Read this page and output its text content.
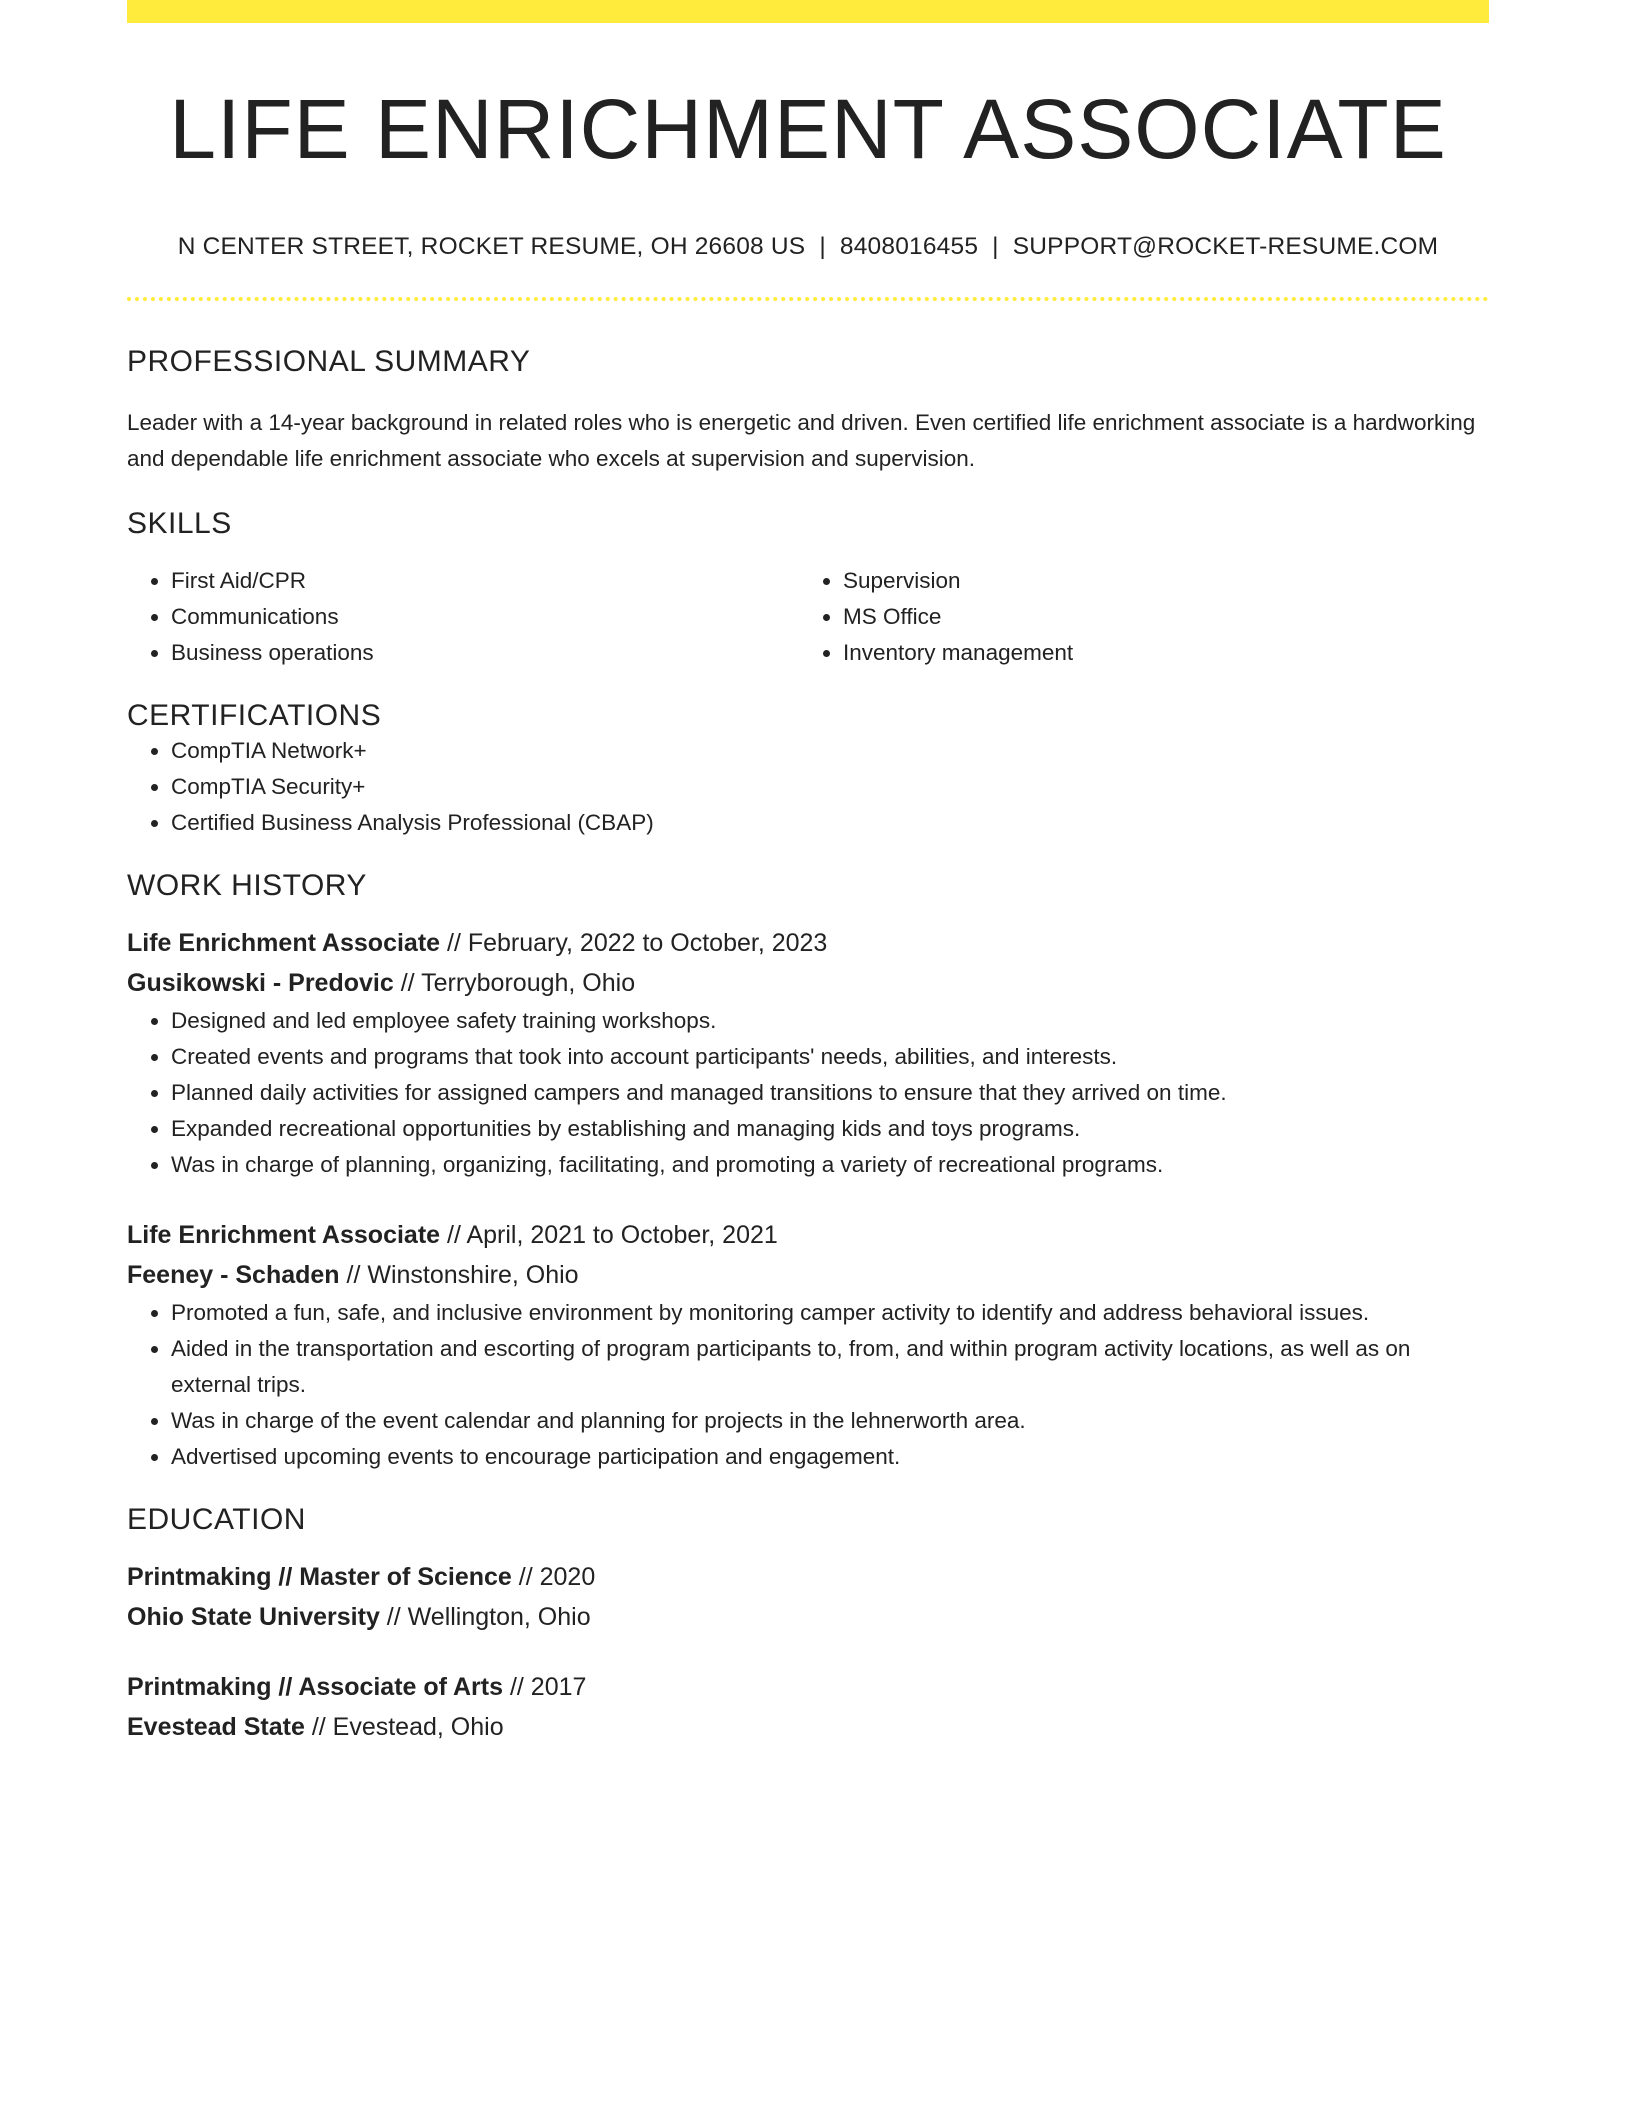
LIFE ENRICHMENT ASSOCIATE
N CENTER STREET, ROCKET RESUME, OH 26608 US | 8408016455 | SUPPORT@ROCKET-RESUME.COM
PROFESSIONAL SUMMARY
Leader with a 14-year background in related roles who is energetic and driven. Even certified life enrichment associate is a hardworking and dependable life enrichment associate who excels at supervision and supervision.
SKILLS
• First Aid/CPR
• Communications
• Business operations
• Supervision
• MS Office
• Inventory management
CERTIFICATIONS
• CompTIA Network+
• CompTIA Security+
• Certified Business Analysis Professional (CBAP)
WORK HISTORY
Life Enrichment Associate // February, 2022 to October, 2023
Gusikowski - Predovic // Terryborough, Ohio
• Designed and led employee safety training workshops.
• Created events and programs that took into account participants' needs, abilities, and interests.
• Planned daily activities for assigned campers and managed transitions to ensure that they arrived on time.
• Expanded recreational opportunities by establishing and managing kids and toys programs.
• Was in charge of planning, organizing, facilitating, and promoting a variety of recreational programs.
Life Enrichment Associate // April, 2021 to October, 2021
Feeney - Schaden // Winstonshire, Ohio
• Promoted a fun, safe, and inclusive environment by monitoring camper activity to identify and address behavioral issues.
• Aided in the transportation and escorting of program participants to, from, and within program activity locations, as well as on external trips.
• Was in charge of the event calendar and planning for projects in the lehnerworth area.
• Advertised upcoming events to encourage participation and engagement.
EDUCATION
Printmaking // Master of Science // 2020
Ohio State University // Wellington, Ohio
Printmaking // Associate of Arts // 2017
Evestead State // Evestead, Ohio
